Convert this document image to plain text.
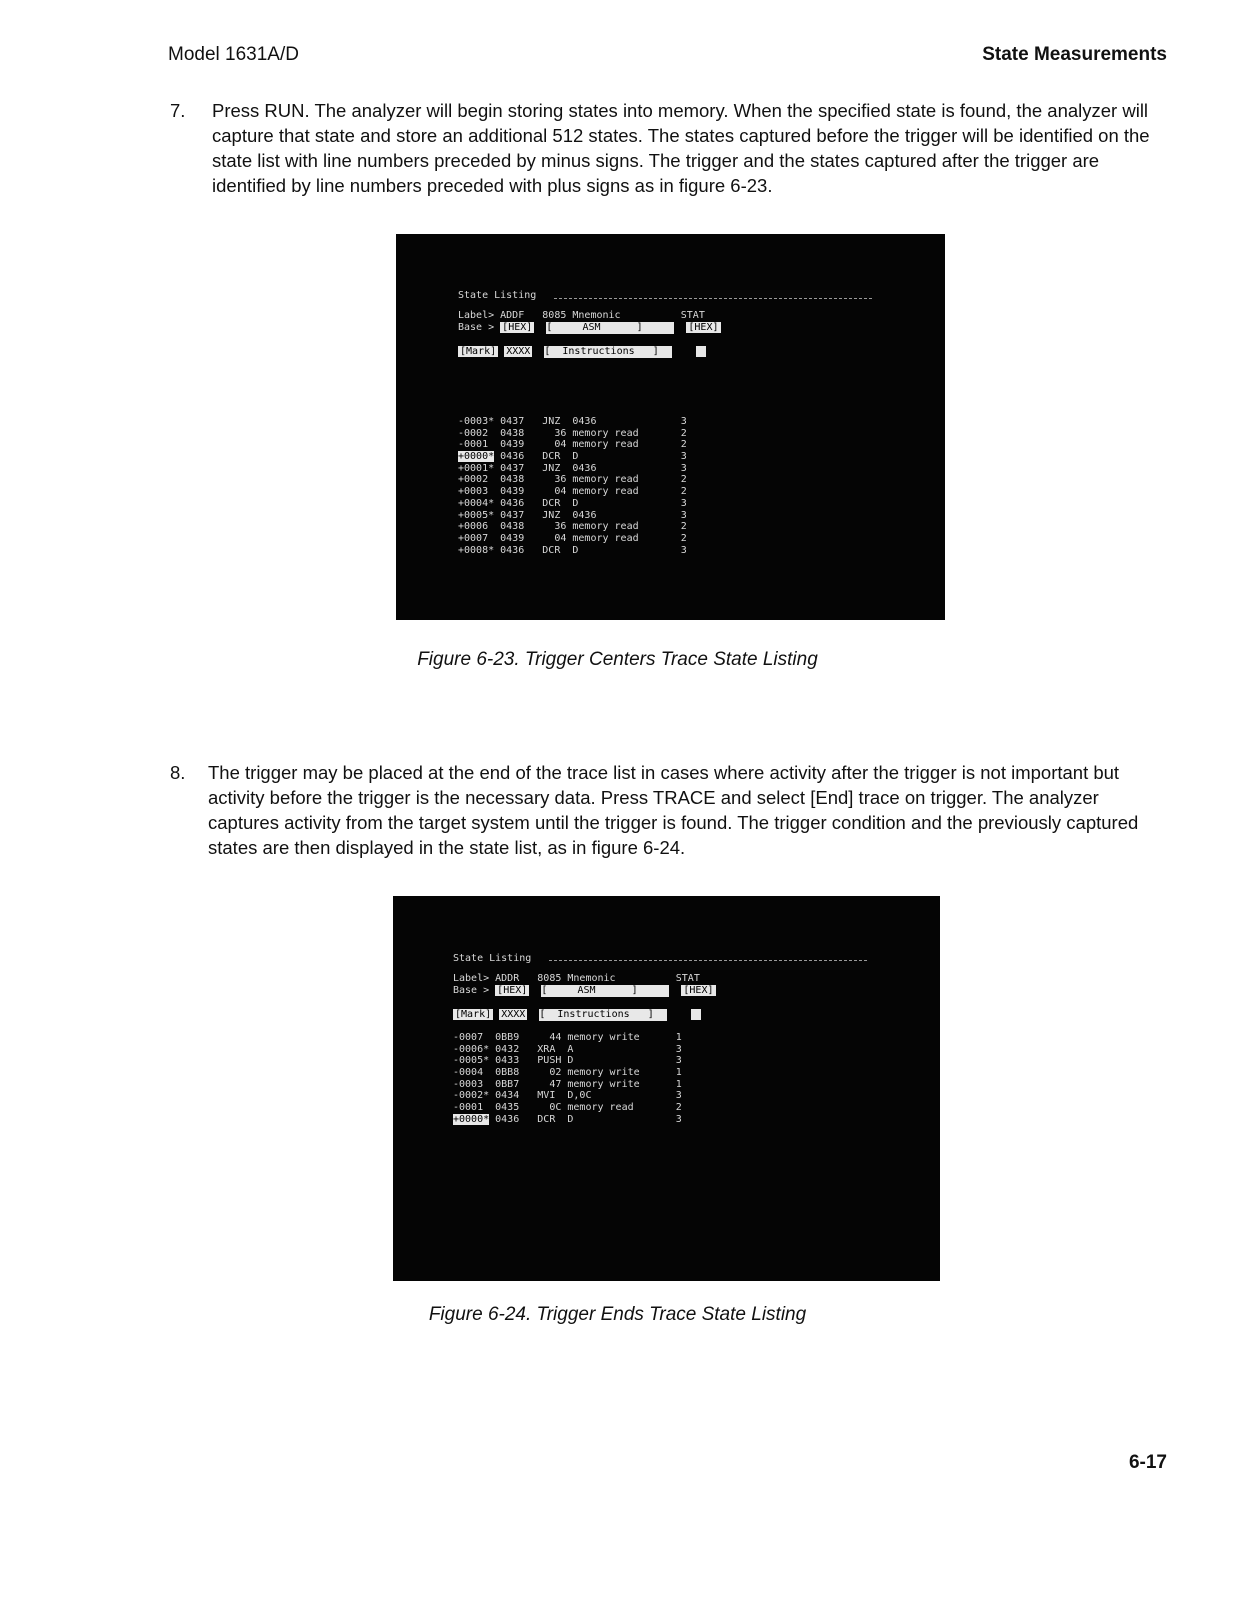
Model 1631A/D	State Measurements
7. Press RUN. The analyzer will begin storing states into memory. When the specified state is found, the analyzer will capture that state and store an additional 512 states. The states captured before the trigger will be identified on the state list with line numbers preceded by minus signs. The trigger and the states captured after the trigger are identified by line numbers preceded with plus signs as in figure 6-23.
State Listing
Label> ADDF   8085 Mnemonic          STAT
Base > [HEX] [     ASM      ]	[HEX]
[Mark] XXXX [  Instructions   ]
-0003* 0437   JNZ  0436              3
-0002  0438     36 memory read       2
-0001  0439     04 memory read       2
+0000* 0436   DCR  D                 3
+0001* 0437   JNZ  0436              3
+0002  0438     36 memory read       2
+0003  0439     04 memory read       2
+0004* 0436   DCR  D                 3
+0005* 0437   JNZ  0436              3
+0006  0438     36 memory read       2
+0007  0439     04 memory read       2
+0008* 0436   DCR  D                 3
Figure 6-23. Trigger Centers Trace State Listing
8. The trigger may be placed at the end of the trace list in cases where activity after the trigger is not important but activity before the trigger is the necessary data. Press TRACE and select [End] trace on trigger. The analyzer captures activity from the target system until the trigger is found. The trigger condition and the previously captured states are then displayed in the state list, as in figure 6-24.
State Listing
Label> ADDR   8085 Mnemonic          STAT
Base > [HEX] [     ASM      ]	[HEX]
[Mark] XXXX [  Instructions   ]
-0007  0BB9     44 memory write      1
-0006* 0432   XRA  A                 3
-0005* 0433   PUSH D                 3
-0004  0BB8     02 memory write      1
-0003  0BB7     47 memory write      1
-0002* 0434   MVI  D,0C              3
-0001  0435     0C memory read       2
+0000* 0436   DCR  D                 3
Figure 6-24. Trigger Ends Trace State Listing
6-17
